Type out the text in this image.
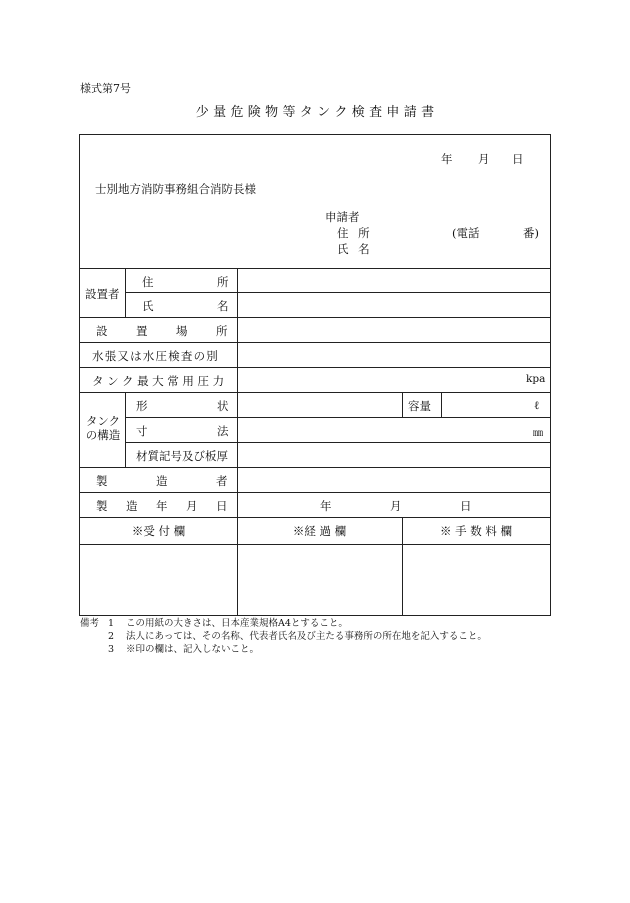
様式第7号
少 量 危 険 物 等 タ ン ク 検 査 申 請 書
年 月 日
士別地方消防事務組合消防長様
申請者
住 所	(電話	番)
氏 名
設置者
住	所
氏	名
設 置 場 所
水張又は水圧検査の別
タンク最大常用圧力	kpa
タンク
の構造
形	状	容量	ℓ
寸	法	㎜
材質記号及び板厚
製	造	者
製 造 年 月 日	年	月	日
※受 付 欄	※経 過 欄	※ 手 数 料 欄
備考 1	この用紙の大きさは、日本産業規格A4とすること。
2	法人にあっては、その名称、代表者氏名及び主たる事務所の所在地を記入すること。
3	※印の欄は、記入しないこと。
